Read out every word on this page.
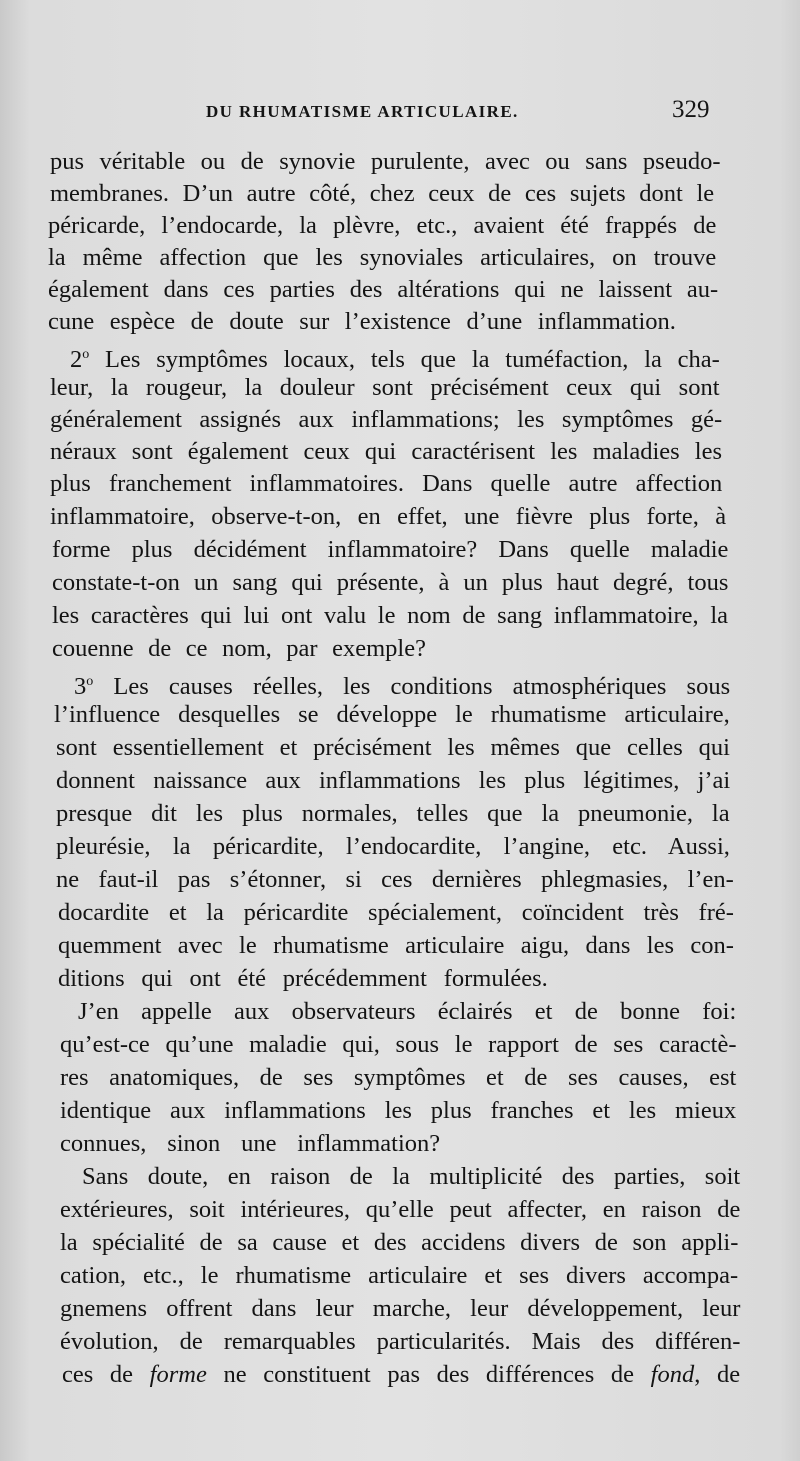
DU RHUMATISME ARTICULAIRE.	329
pus véritable ou de synovie purulente, avec ou sans pseudo-
membranes. D’un autre côté, chez ceux de ces sujets dont le
péricarde, l’endocarde, la plèvre, etc., avaient été frappés de
la même affection que les synoviales articulaires, on trouve
également dans ces parties des altérations qui ne laissent au-
cune espèce de doute sur l’existence d’une inflammation.
2$^o$ Les symptômes locaux, tels que la tuméfaction, la cha-
leur, la rougeur, la douleur sont précisément ceux qui sont
généralement assignés aux inflammations; les symptômes gé-
néraux sont également ceux qui caractérisent les maladies les
plus franchement inflammatoires. Dans quelle autre affection
inflammatoire, observe-t-on, en effet, une fièvre plus forte, à
forme plus décidément inflammatoire? Dans quelle maladie
constate-t-on un sang qui présente, à un plus haut degré, tous
les caractères qui lui ont valu le nom de sang inflammatoire, la
couenne de ce nom, par exemple?
3$^o$ Les causes réelles, les conditions atmosphériques sous
l’influence desquelles se développe le rhumatisme articulaire,
sont essentiellement et précisément les mêmes que celles qui
donnent naissance aux inflammations les plus légitimes, j’ai
presque dit les plus normales, telles que la pneumonie, la
pleurésie, la péricardite, l’endocardite, l’angine, etc. Aussi,
ne faut-il pas s’étonner, si ces dernières phlegmasies, l’en-
docardite et la péricardite spécialement, coïncident très fré-
quemment avec le rhumatisme articulaire aigu, dans les con-
ditions qui ont été précédemment formulées.
J’en appelle aux observateurs éclairés et de bonne foi:
qu’est-ce qu’une maladie qui, sous le rapport de ses caractè-
res anatomiques, de ses symptômes et de ses causes, est
identique aux inflammations les plus franches et les mieux
connues, sinon une inflammation?
Sans doute, en raison de la multiplicité des parties, soit
extérieures, soit intérieures, qu’elle peut affecter, en raison de
la spécialité de sa cause et des accidens divers de son appli-
cation, etc., le rhumatisme articulaire et ses divers accompa-
gnemens offrent dans leur marche, leur développement, leur
évolution, de remarquables particularités. Mais des différen-
ces de forme ne constituent pas des différences de fond, de
